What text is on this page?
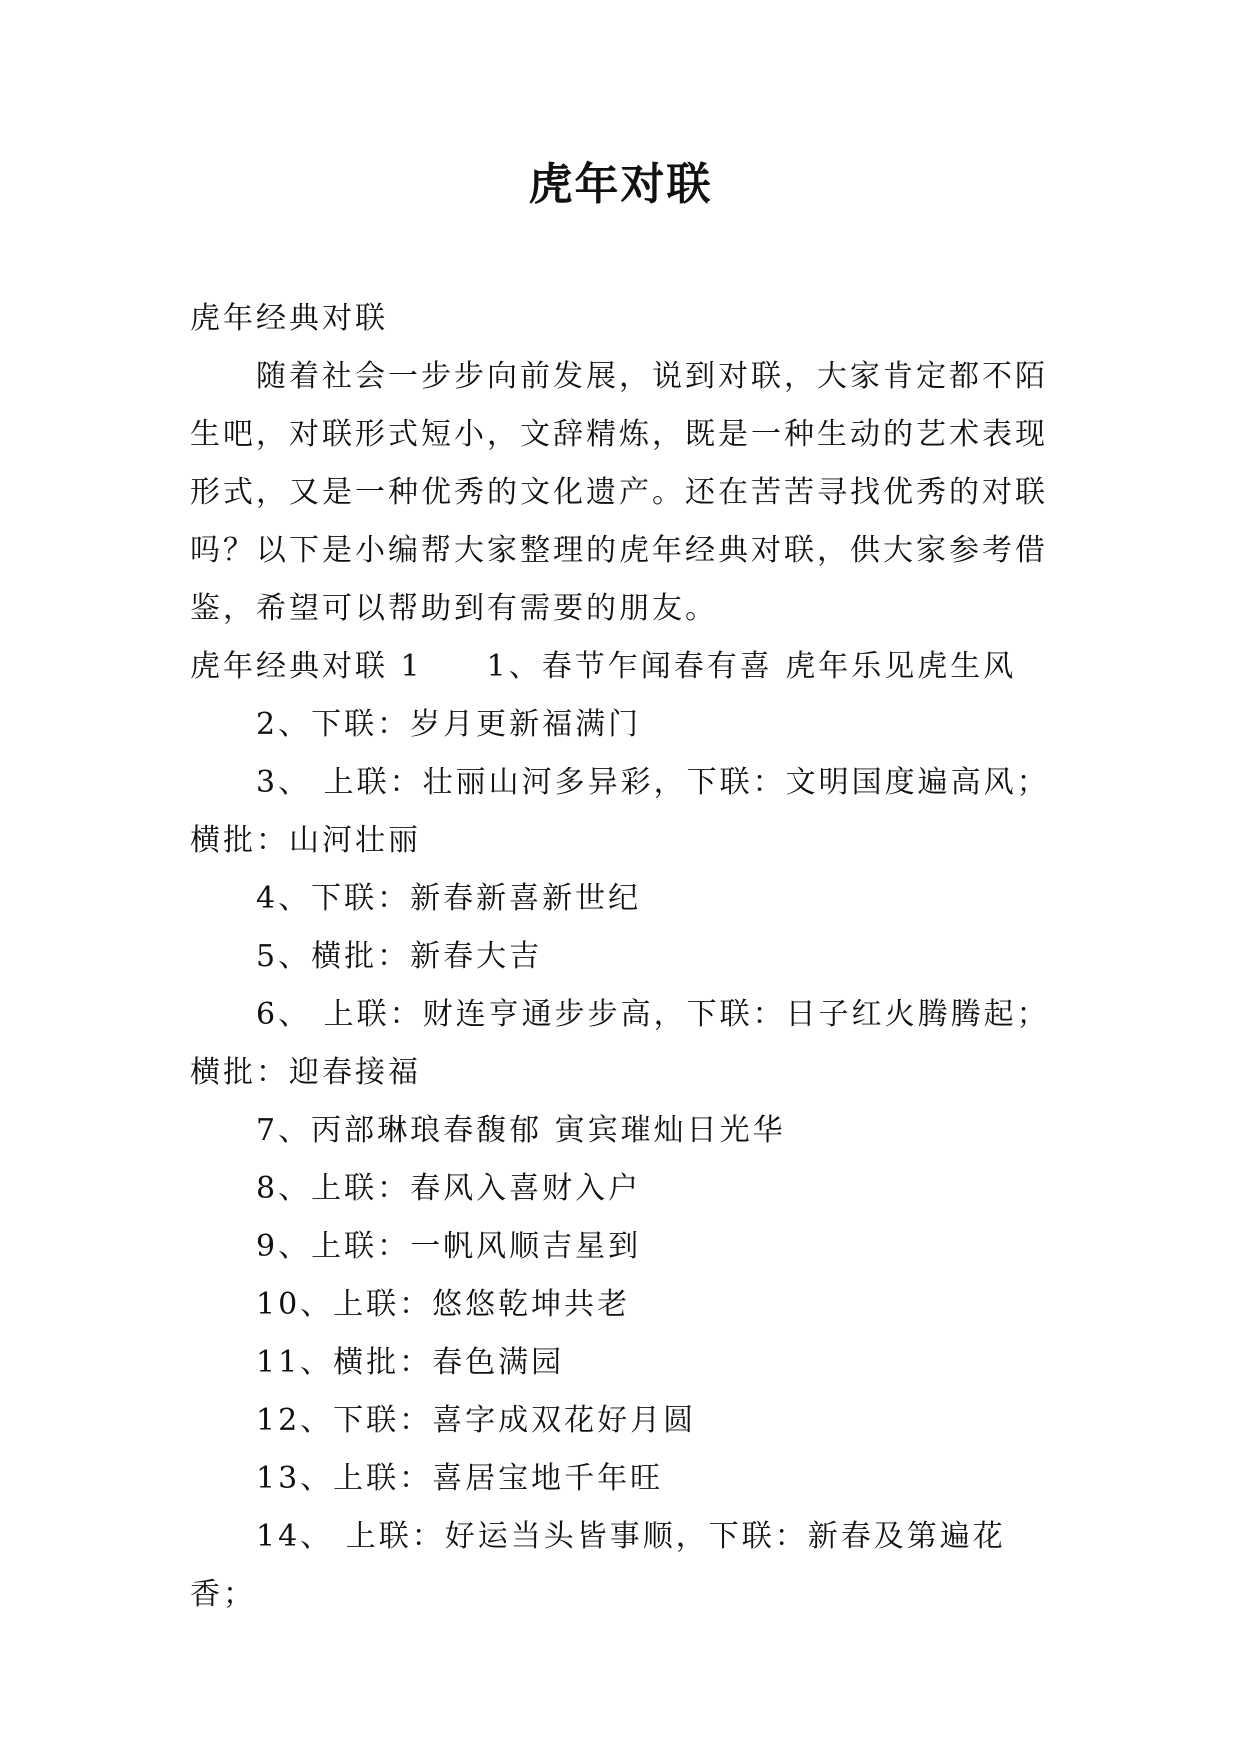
虎年对联
虎年经典对联
随着社会一步步向前发展，说到对联，大家肯定都不陌生吧，对联形式短小，文辞精炼，既是一种生动的艺术表现形式，又是一种优秀的文化遗产。还在苦苦寻找优秀的对联吗？以下是小编帮大家整理的虎年经典对联，供大家参考借鉴，希望可以帮助到有需要的朋友。
虎年经典对联 1 1、春节乍闻春有喜 虎年乐见虎生风
2、下联：岁月更新福满门
3、 上联：壮丽山河多异彩，下联：文明国度遍高风；横批：山河壮丽
4、下联：新春新喜新世纪
5、横批：新春大吉
6、 上联：财连亨通步步高，下联：日子红火腾腾起；横批：迎春接福
7、丙部琳琅春馥郁 寅宾璀灿日光华
8、上联：春风入喜财入户
9、上联：一帆风顺吉星到
10、上联：悠悠乾坤共老
11、横批：春色满园
12、下联：喜字成双花好月圆
13、上联：喜居宝地千年旺
14、 上联：好运当头皆事顺，下联：新春及第遍花香；
